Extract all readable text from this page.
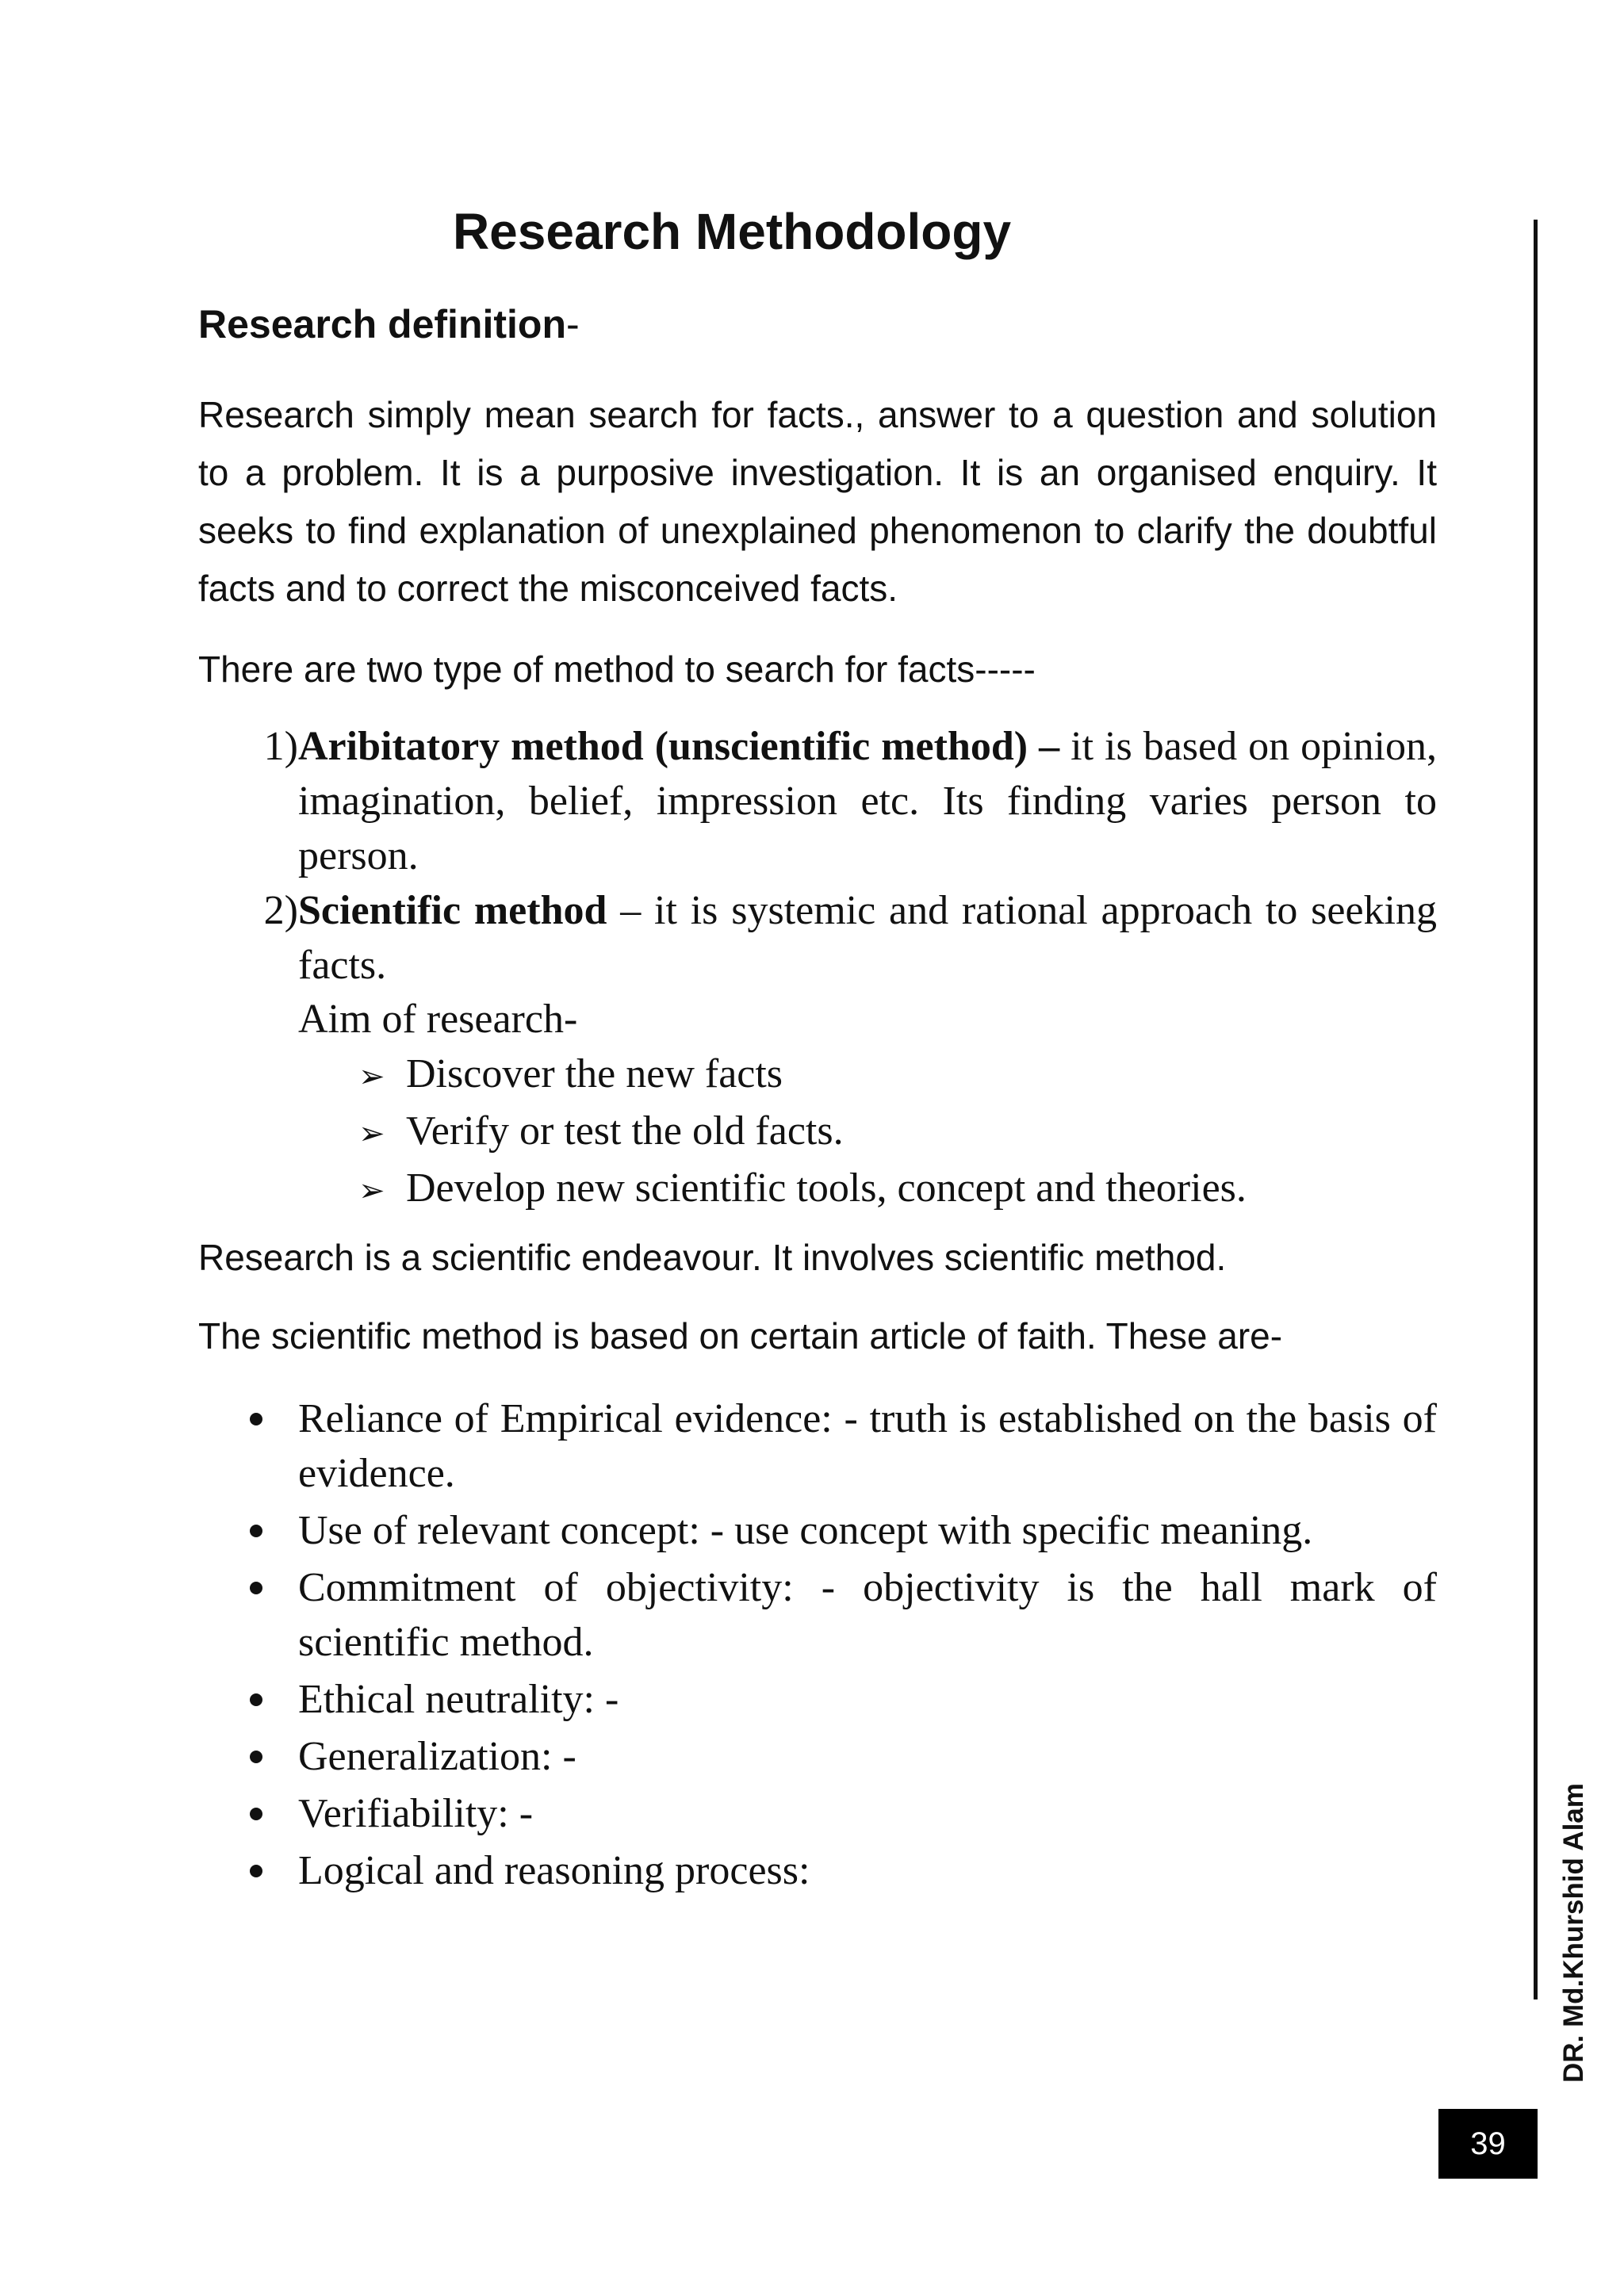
Research Methodology
Research definition-
Research simply mean search for facts., answer to a question and solution to a problem. It is a purposive investigation. It is an organised enquiry. It seeks to find explanation of unexplained phenomenon to clarify the doubtful facts and to correct the misconceived facts.
There are two type of method to search for facts-----
1) Aribitatory method (unscientific method) – it is based on opinion, imagination, belief, impression etc. Its finding varies person to person.
2) Scientific method – it is systemic and rational approach to seeking facts.
Aim of research-
➢ Discover the new facts
➢ Verify or test the old facts.
➢ Develop new scientific tools, concept and theories.
Research is a scientific endeavour. It involves scientific method.
The scientific method is based on certain article of faith. These are-
Reliance of Empirical evidence: - truth is established on the basis of evidence.
Use of relevant concept: - use concept with specific meaning.
Commitment of objectivity: - objectivity is the hall mark of scientific method.
Ethical neutrality: -
Generalization: -
Verifiability: -
Logical and reasoning process:	DR. Md.Khurshid Alam
39
